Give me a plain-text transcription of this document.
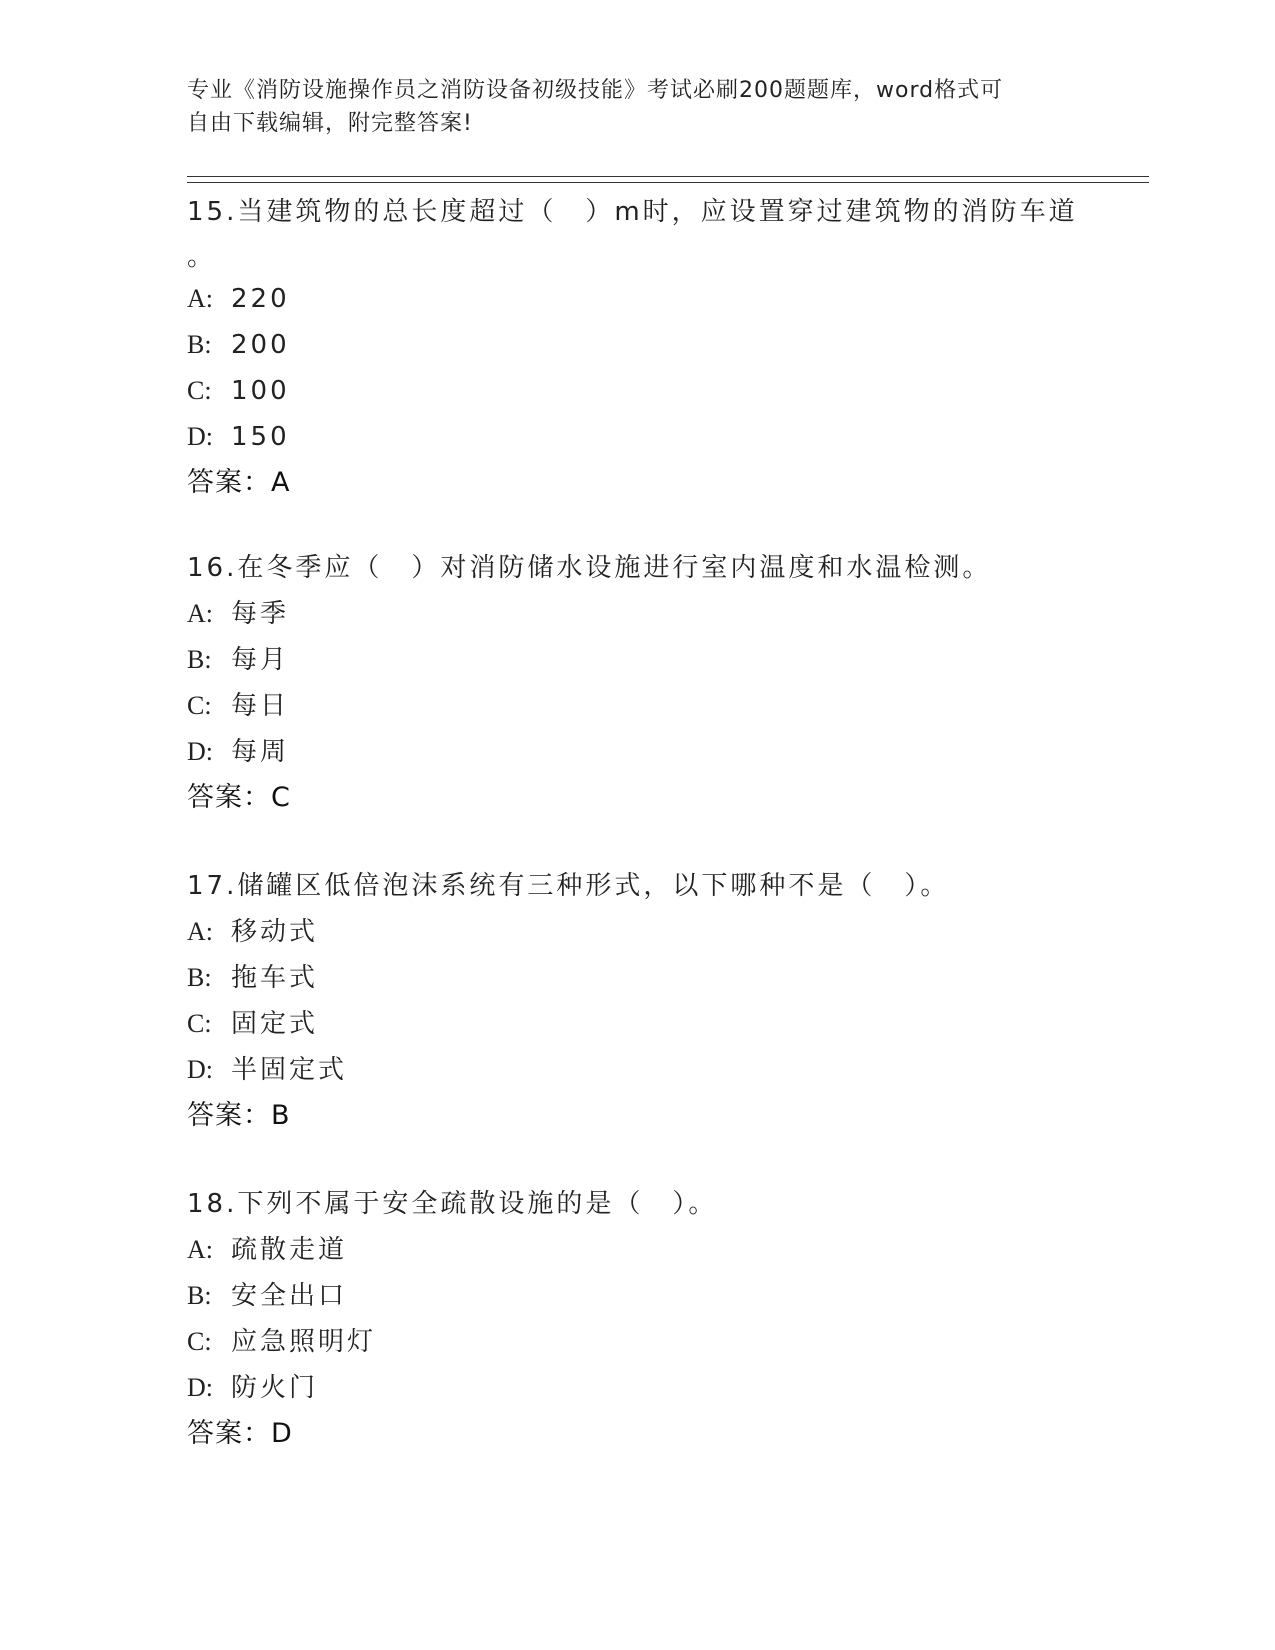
专业《消防设施操作员之消防设备初级技能》考试必刷200题题库，word格式可
自由下载编辑，附完整答案!
15.当建筑物的总长度超过（　）m时，应设置穿过建筑物的消防车道
。
A: 220
B: 200
C: 100
D: 150
答案：A
16.在冬季应（　）对消防储水设施进行室内温度和水温检测。
A: 每季
B: 每月
C: 每日
D: 每周
答案：C
17.储罐区低倍泡沫系统有三种形式，以下哪种不是（　）。
A: 移动式
B: 拖车式
C: 固定式
D: 半固定式
答案：B
18.下列不属于安全疏散设施的是（　）。
A: 疏散走道
B: 安全出口
C: 应急照明灯
D: 防火门
答案：D
